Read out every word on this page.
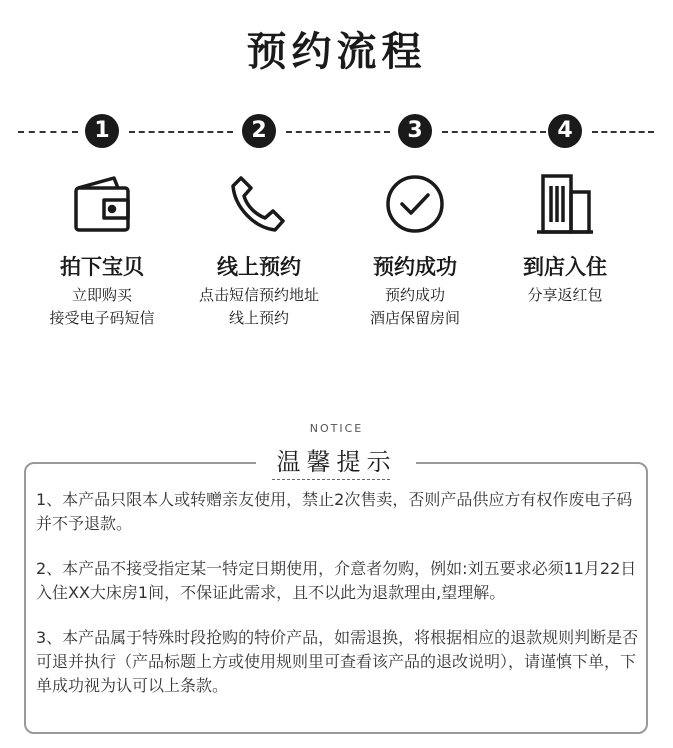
预约流程
1	2	3	4
拍下宝贝
立即购买
接受电子码短信
线上预约
点击短信预约地址
线上预约
预约成功
预约成功
酒店保留房间
到店入住
分享返红包
NOTICE
温馨提示
1、本产品只限本人或转赠亲友使用，禁止2次售卖，否则产品供应方有权作废电子码并不予退款。
2、本产品不接受指定某一特定日期使用，介意者勿购，例如:刘五要求必须11月22日入住XX大床房1间，不保证此需求，且不以此为退款理由,望理解。
3、本产品属于特殊时段抢购的特价产品，如需退换，将根据相应的退款规则判断是否可退并执行（产品标题上方或使用规则里可查看该产品的退改说明），请谨慎下单，下单成功视为认可以上条款。
